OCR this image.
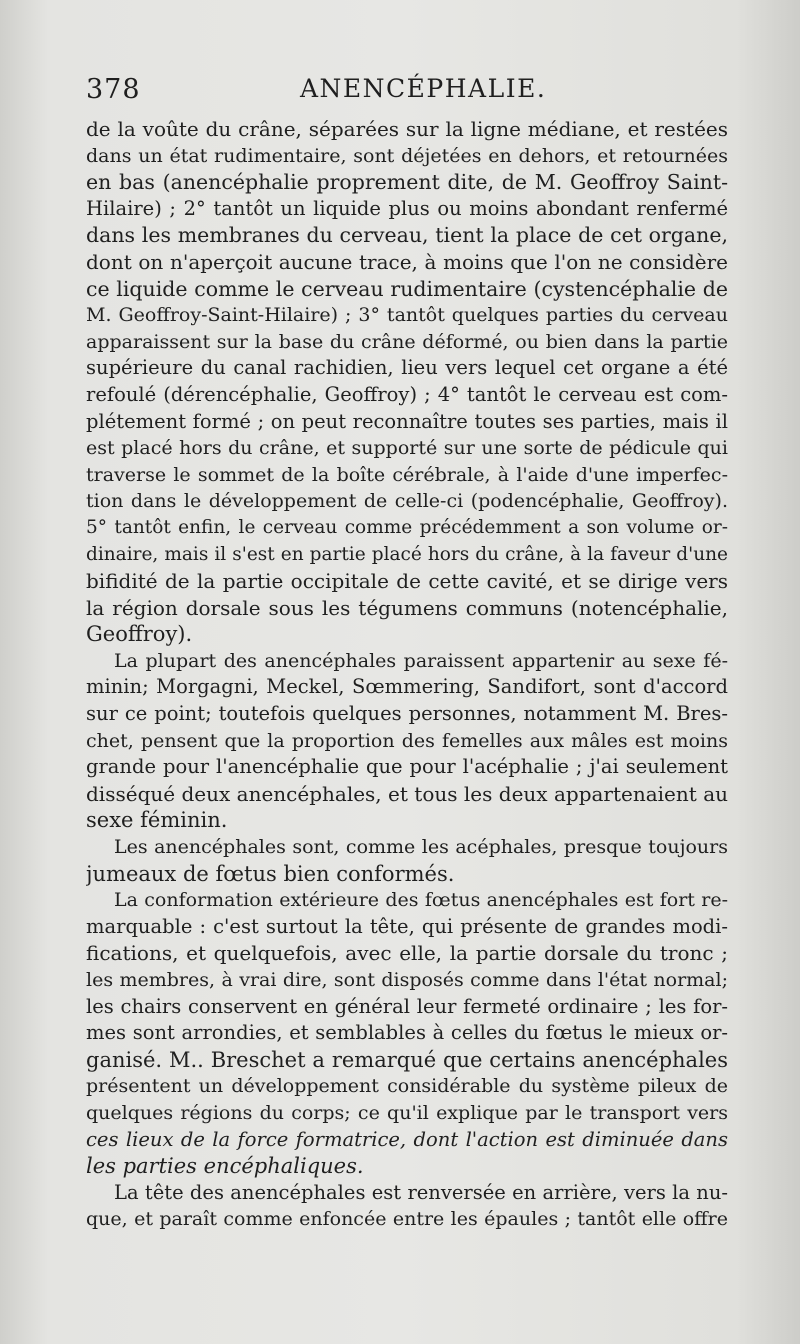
378	ANENCÉPHALIE.
de la voûte du crâne, séparées sur la ligne médiane, et restées
dans un état rudimentaire, sont déjetées en dehors, et retournées
en bas (anencéphalie proprement dite, de M. Geoffroy Saint-
Hilaire) ; 2° tantôt un liquide plus ou moins abondant renfermé
dans les membranes du cerveau, tient la place de cet organe,
dont on n'aperçoit aucune trace, à moins que l'on ne considère
ce liquide comme le cerveau rudimentaire (cystencéphalie de
M. Geoffroy-Saint-Hilaire) ; 3° tantôt quelques parties du cerveau
apparaissent sur la base du crâne déformé, ou bien dans la partie
supérieure du canal rachidien, lieu vers lequel cet organe a été
refoulé (dérencéphalie, Geoffroy) ; 4° tantôt le cerveau est com-
plétement formé ; on peut reconnaître toutes ses parties, mais il
est placé hors du crâne, et supporté sur une sorte de pédicule qui
traverse le sommet de la boîte cérébrale, à l'aide d'une imperfec-
tion dans le développement de celle-ci (podencéphalie, Geoffroy).
5° tantôt enfin, le cerveau comme précédemment a son volume or-
dinaire, mais il s'est en partie placé hors du crâne, à la faveur d'une
bifidité de la partie occipitale de cette cavité, et se dirige vers
la région dorsale sous les tégumens communs (notencéphalie,
Geoffroy).
La plupart des anencéphales paraissent appartenir au sexe fé-
minin; Morgagni, Meckel, Sœmmering, Sandifort, sont d'accord
sur ce point; toutefois quelques personnes, notamment M. Bres-
chet, pensent que la proportion des femelles aux mâles est moins
grande pour l'anencéphalie que pour l'acéphalie ; j'ai seulement
disséqué deux anencéphales, et tous les deux appartenaient au
sexe féminin.
Les anencéphales sont, comme les acéphales, presque toujours
jumeaux de fœtus bien conformés.
La conformation extérieure des fœtus anencéphales est fort re-
marquable : c'est surtout la tête, qui présente de grandes modi-
fications, et quelquefois, avec elle, la partie dorsale du tronc ;
les membres, à vrai dire, sont disposés comme dans l'état normal;
les chairs conservent en général leur fermeté ordinaire ; les for-
mes sont arrondies, et semblables à celles du fœtus le mieux or-
ganisé. M.. Breschet a remarqué que certains anencéphales
présentent un développement considérable du système pileux de
quelques régions du corps; ce qu'il explique par le transport vers
ces lieux de la force formatrice, dont l'action est diminuée dans
les parties encéphaliques.
La tête des anencéphales est renversée en arrière, vers la nu-
que, et paraît comme enfoncée entre les épaules ; tantôt elle offre
